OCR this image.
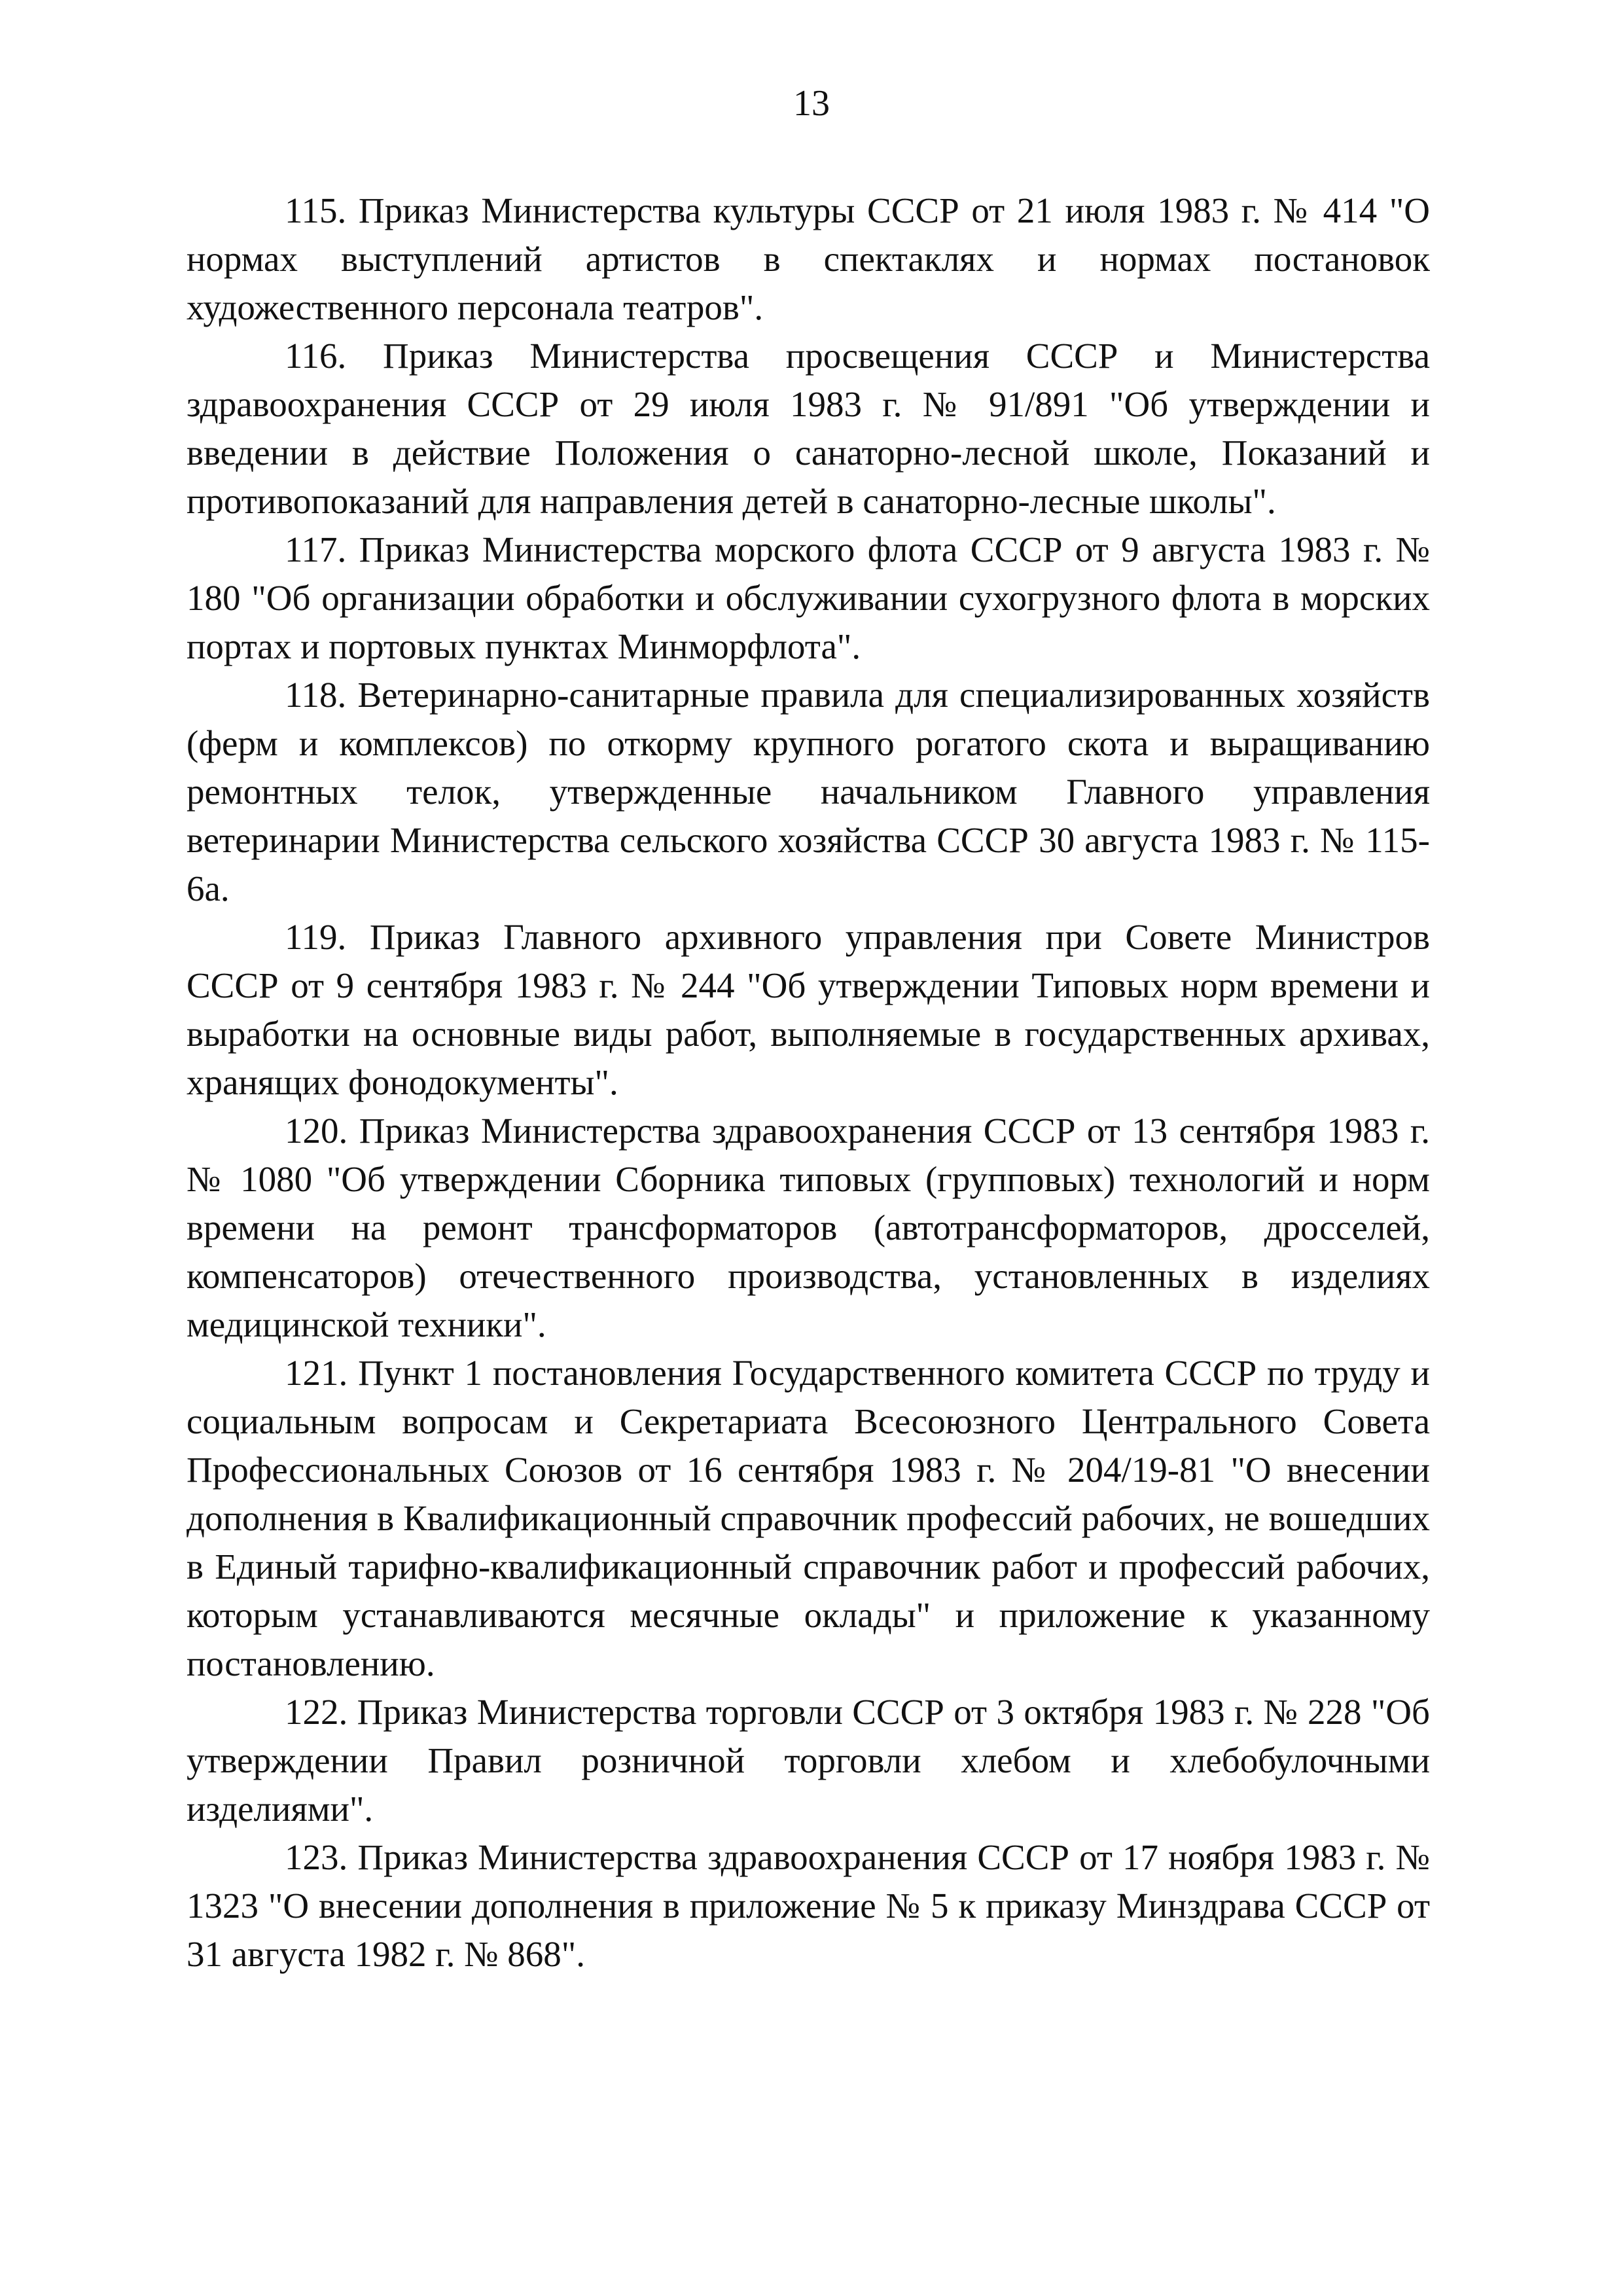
13

115. Приказ Министерства культуры СССР от 21 июля 1983 г. № 414 "О нормах выступлений артистов в спектаклях и нормах постановок художественного персонала театров".

116. Приказ Министерства просвещения СССР и Министерства здравоохранения СССР от 29 июля 1983 г. № 91/891 "Об утверждении и введении в действие Положения о санаторно-лесной школе, Показаний и противопоказаний для направления детей в санаторно-лесные школы".

117. Приказ Министерства морского флота СССР от 9 августа 1983 г. № 180 "Об организации обработки и обслуживании сухогрузного флота в морских портах и портовых пунктах Минморфлота".

118. Ветеринарно-санитарные правила для специализированных хозяйств (ферм и комплексов) по откорму крупного рогатого скота и выращиванию ремонтных телок, утвержденные начальником Главного управления ветеринарии Министерства сельского хозяйства СССР 30 августа 1983 г. № 115-6а.

119. Приказ Главного архивного управления при Совете Министров СССР от 9 сентября 1983 г. № 244 "Об утверждении Типовых норм времени и выработки на основные виды работ, выполняемые в государственных архивах, хранящих фонодокументы".

120. Приказ Министерства здравоохранения СССР от 13 сентября 1983 г. № 1080 "Об утверждении Сборника типовых (групповых) технологий и норм времени на ремонт трансформаторов (автотрансформаторов, дросселей, компенсаторов) отечественного производства, установленных в изделиях медицинской техники".

121. Пункт 1 постановления Государственного комитета СССР по труду и социальным вопросам и Секретариата Всесоюзного Центрального Совета Профессиональных Союзов от 16 сентября 1983 г. № 204/19-81 "О внесении дополнения в Квалификационный справочник профессий рабочих, не вошедших в Единый тарифно-квалификационный справочник работ и профессий рабочих, которым устанавливаются месячные оклады" и приложение к указанному постановлению.

122. Приказ Министерства торговли СССР от 3 октября 1983 г. № 228 "Об утверждении Правил розничной торговли хлебом и хлебобулочными изделиями".

123. Приказ Министерства здравоохранения СССР от 17 ноября 1983 г. № 1323 "О внесении дополнения в приложение № 5 к приказу Минздрава СССР от 31 августа 1982 г. № 868".
